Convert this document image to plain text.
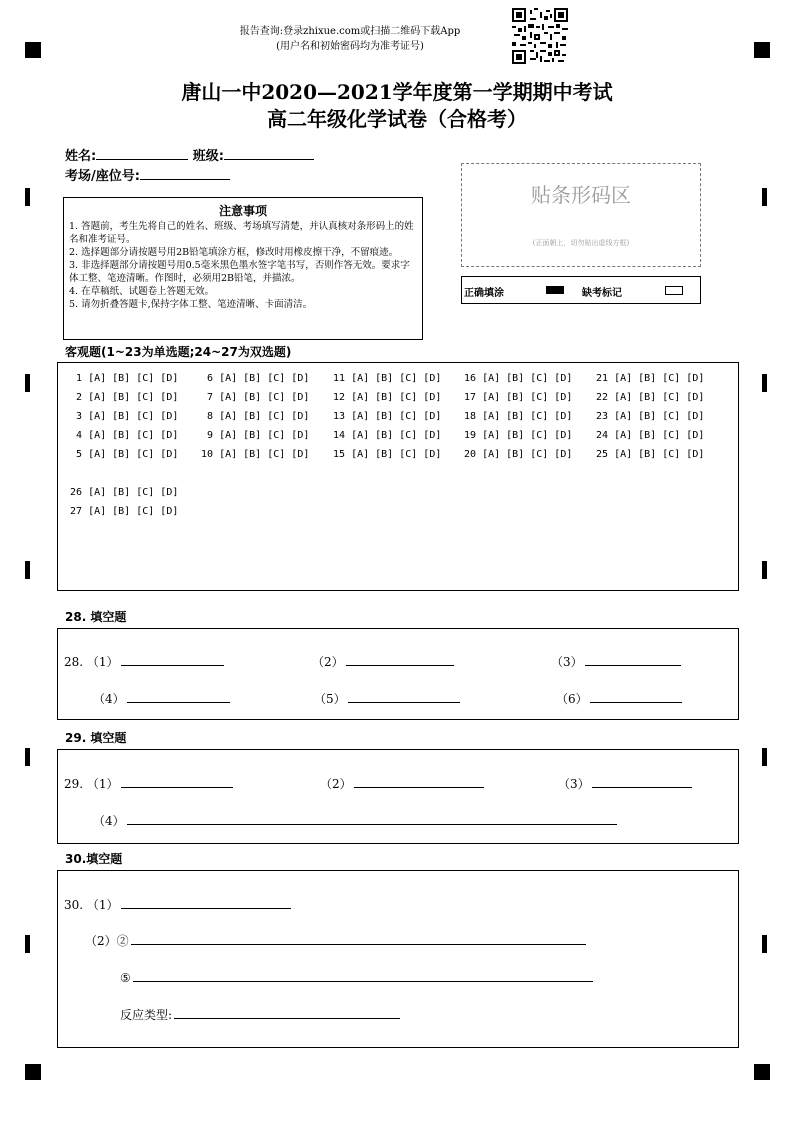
报告查询:登录zhixue.com或扫描二维码下载App
(用户名和初始密码均为准考证号)
唐山一中2020—2021学年度第一学期期中考试
高二年级化学试卷（合格考）
姓名:	班级:
考场/座位号:
注意事项
1. 答题前，考生先将自己的姓名、班级、考场填写清楚，并认真核对条形码上的姓名和准考证号。
2. 选择题部分请按题号用2B铅笔填涂方框，修改时用橡皮擦干净，不留痕迹。
3. 非选择题部分请按题号用0.5毫米黑色墨水签字笔书写，否则作答无效。要求字体工整、笔迹清晰。作图时，必须用2B铅笔，并描浓。
4. 在草稿纸、试题卷上答题无效。
5. 请勿折叠答题卡,保持字体工整、笔迹清晰、卡面清洁。
贴条形码区
(正面朝上，切勿贴出虚线方框)
正确填涂	缺考标记
客观题(1~23为单选题;24~27为双选题)
1 [A] [B] [C] [D]
2 [A] [B] [C] [D]
3 [A] [B] [C] [D]
4 [A] [B] [C] [D]
5 [A] [B] [C] [D]
6 [A] [B] [C] [D]
7 [A] [B] [C] [D]
8 [A] [B] [C] [D]
9 [A] [B] [C] [D]
10 [A] [B] [C] [D]
11 [A] [B] [C] [D]
12 [A] [B] [C] [D]
13 [A] [B] [C] [D]
14 [A] [B] [C] [D]
15 [A] [B] [C] [D]
16 [A] [B] [C] [D]
17 [A] [B] [C] [D]
18 [A] [B] [C] [D]
19 [A] [B] [C] [D]
20 [A] [B] [C] [D]
21 [A] [B] [C] [D]
22 [A] [B] [C] [D]
23 [A] [B] [C] [D]
24 [A] [B] [C] [D]
25 [A] [B] [C] [D]
26 [A] [B] [C] [D]
27 [A] [B] [C] [D]
28. 填空题
28. （1）	（2）	（3）
（4）	（5）	（6）
29. 填空题
29. （1）	（2）	（3）
（4）
30.填空题
30. （1）
（2）②
⑤
反应类型:
